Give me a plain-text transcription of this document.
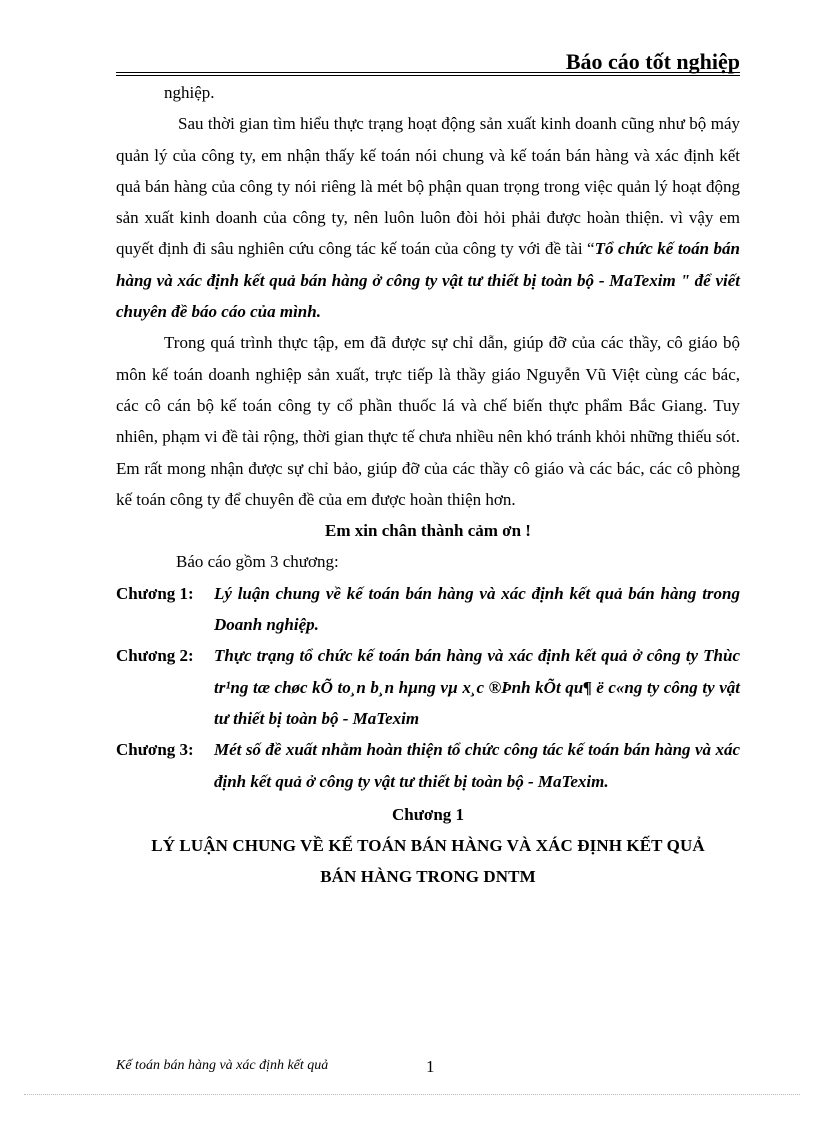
Báo cáo tốt nghiệp

nghiệp.

Sau thời gian tìm hiểu thực trạng hoạt động sản xuất kinh doanh cũng như bộ máy quản lý của công ty, em nhận thấy kế toán nói chung và kế toán bán hàng và xác định kết quả bán hàng của công ty nói riêng là mét bộ phận quan trọng trong việc quản lý hoạt động sản xuất kinh doanh của công ty, nên luôn luôn đòi hỏi phải được hoàn thiện. vì vậy em quyết định đi sâu nghiên cứu công tác kế toán của công ty với đề tài “Tổ chức kế toán bán hàng và xác định kết quả bán hàng ở công ty vật tư thiết bị toàn bộ - MaTexim " để viết chuyên đề báo cáo của mình.

Trong quá trình thực tập, em đã được sự chỉ dẫn, giúp đỡ của các thầy, cô giáo bộ môn kế toán doanh nghiệp sản xuất, trực tiếp là thầy giáo Nguyễn Vũ Việt cùng các bác, các cô cán bộ kế toán công ty cổ phần thuốc lá và chế biến thực phẩm Bắc Giang. Tuy nhiên, phạm vi đề tài rộng, thời gian thực tế chưa nhiều nên khó tránh khỏi những thiếu sót. Em rất mong nhận được sự chỉ bảo, giúp đỡ của các thầy cô giáo và các bác, các cô phòng kế toán công ty để chuyên đề của em được hoàn thiện hơn.

Em xin chân thành cảm ơn !

Báo cáo gồm 3 chương:

Chương 1:	Lý luận chung về kế toán bán hàng và xác định kết quả bán hàng trong Doanh nghiệp.
Chương 2:	Thực trạng tổ chức kế toán bán hàng và xác định kết quả ở công ty Thùc tr¹ng tæ chøc kÕ to¸n b¸n hµng vµ x¸c ®Þnh kÕt qu¶ ë c«ng ty công ty vật tư thiết bị toàn bộ - MaTexim
Chương 3:	Mét số đề xuất nhằm hoàn thiện tổ chức công tác kế toán bán hàng và xác định kết quả ở công ty vật tư thiết bị toàn bộ - MaTexim.

Chương 1

LÝ LUẬN CHUNG VỀ KẾ TOÁN BÁN HÀNG VÀ XÁC ĐỊNH KẾT QUẢ

BÁN HÀNG TRONG DNTM

Kế toán bán hàng và xác định kết quả	1
